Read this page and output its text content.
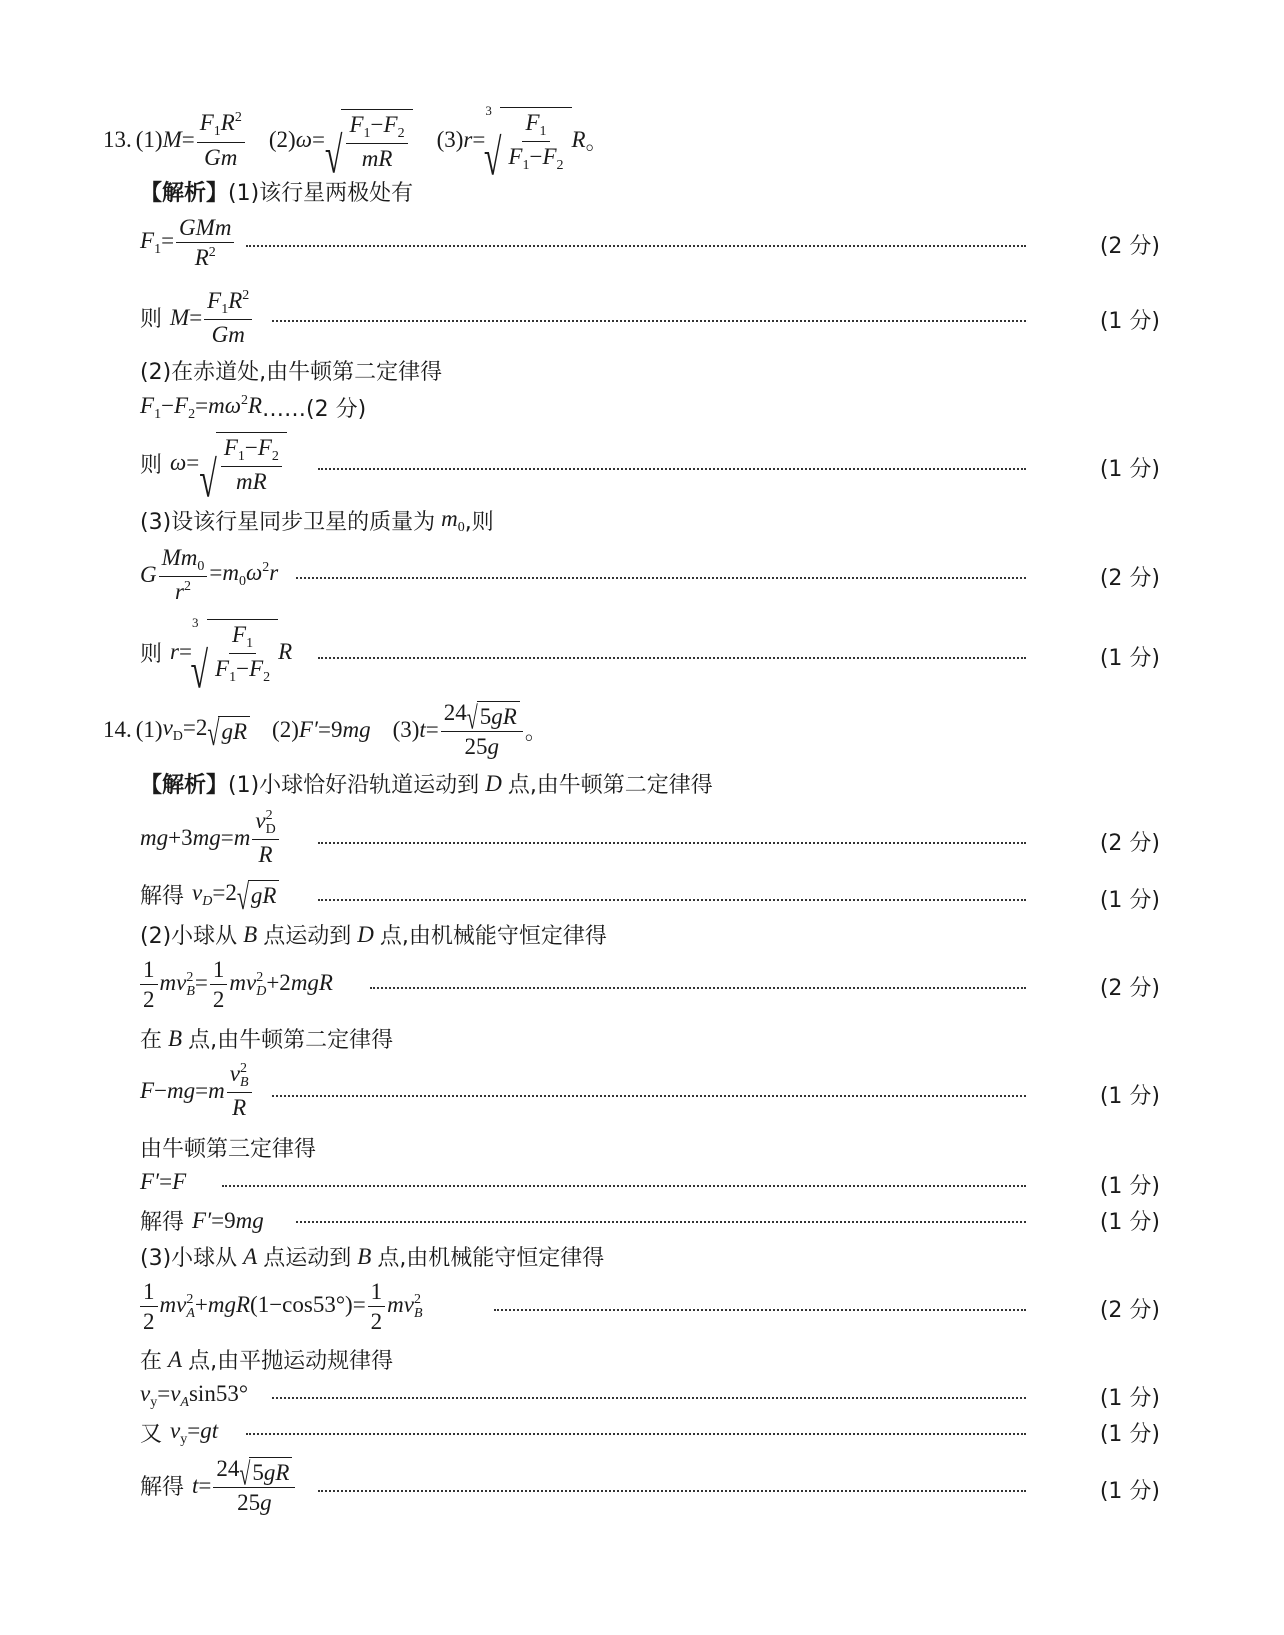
13. (1) $M= \frac{F_1R^2}{Gm} (2)$ ω= √ $\frac{F_1-F_2}{mR} (3)$ r=
3
√ $\frac{F_1}{F_1-F_2}$ R 。
【解析】 (1)该行星两极处有
$F_1= \frac{\text{GMm}}{R^2}$	(2 分)
则 $M= \frac{F_1R^2}{Gm}$	(1 分)
(2)在赤道处,由牛顿第二定律得
$F_1-F_2=m\omega^2R$ ……(2 分)
则 ω= √ $\frac{F_1-F_2}{mR}$	(1 分)
(3)设该行星同步卫星的质量为 $m_0$ ,则
G $\frac{Mm_0}{r^2} =m_0\omega^2r$	(2 分)
则 r=
3
√ $\frac{F_1}{F_1-F_2}$ R	(1 分)
14. (1) $v_D=2$ √ gR (2) F′=9mg (3) $t= \frac{24 √ 5gR}{25g}$ 。
【解析】 (1)小球恰好沿轨道运动到 D 点,由牛顿第二定律得
$mg+3mg=m \frac{v^2_D}{R}$	(2 分)
解得 $v_D=2$ √ gR	(1 分)
(2)小球从 B 点运动到 D 点,由机械能守恒定律得
$\frac{1}{2} mv^2_B= \frac{1}{2} mv^2_D+2mgR$	(2 分)
在 B 点,由牛顿第二定律得
$F-mg=m \frac{v^2_B}{R}$	(1 分)
由牛顿第三定律得
F′=F	(1 分)
解得 F′=9mg	(1 分)
(3)小球从 A 点运动到 B 点,由机械能守恒定律得
$\frac{1}{2} mv^2_A+mgR(1-\cos 53^\circ)= \frac{1}{2} mv^2_B$	(2 分)
在 A 点,由平抛运动规律得
$v_y=v_A\sin 53^\circ$	(1 分)
又 $v_y=gt$	(1 分)
解得 $t= \frac{24 √ 5gR}{25g}$	(1 分)
